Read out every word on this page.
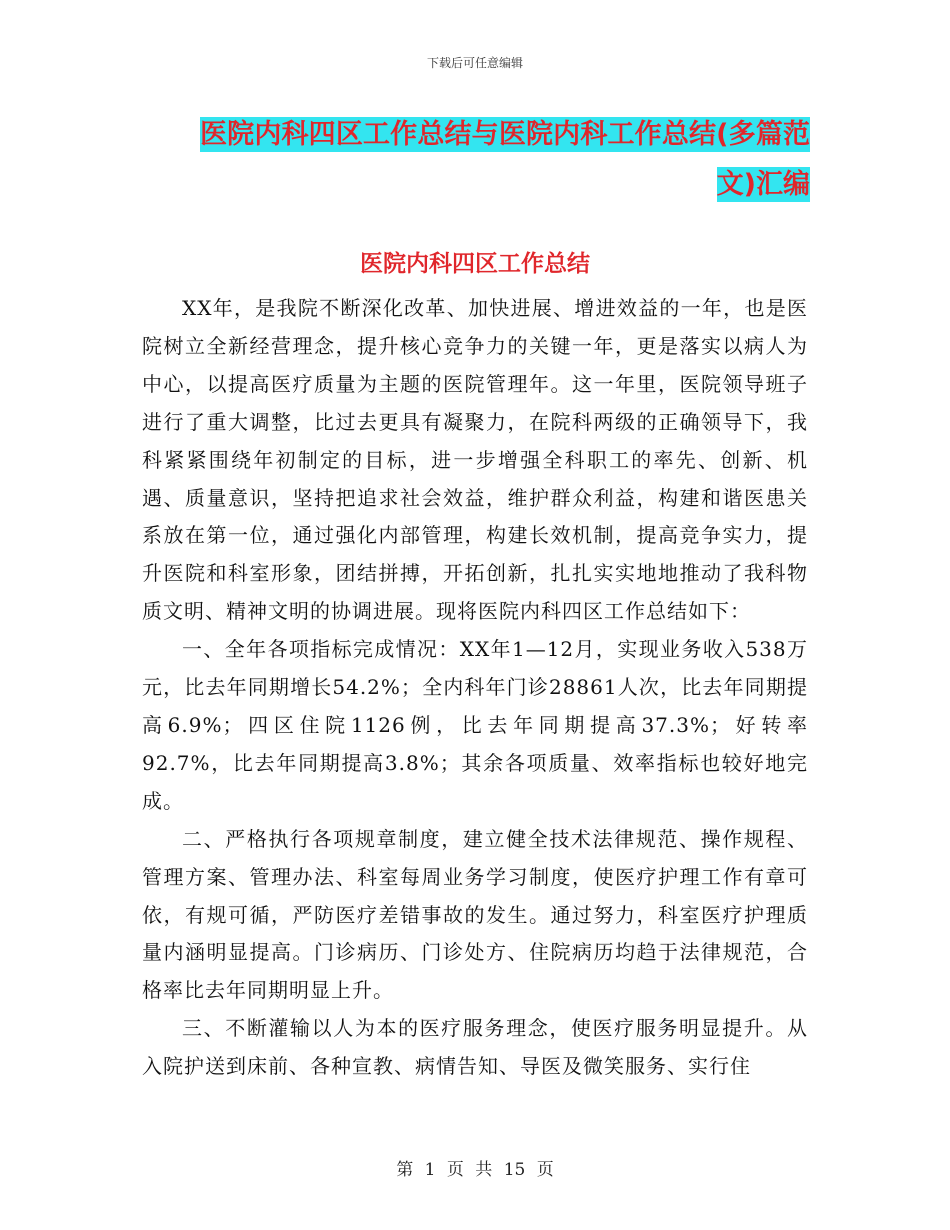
下载后可任意编辑
医院内科四区工作总结与医院内科工作总结(多篇范文)汇编
医院内科四区工作总结

XX年，是我院不断深化改革、加快进展、增进效益的一年，也是医院树立全新经营理念，提升核心竞争力的关键一年，更是落实以病人为中心，以提高医疗质量为主题的医院管理年。这一年里，医院领导班子进行了重大调整，比过去更具有凝聚力，在院科两级的正确领导下，我科紧紧围绕年初制定的目标，进一步增强全科职工的率先、创新、机遇、质量意识，坚持把追求社会效益，维护群众利益，构建和谐医患关系放在第一位，通过强化内部管理，构建长效机制，提高竞争实力，提升医院和科室形象，团结拼搏，开拓创新，扎扎实实地地推动了我科物质文明、精神文明的协调进展。现将医院内科四区工作总结如下：

一、全年各项指标完成情况：XX年1—12月，实现业务收入538万元，比去年同期增长54.2%；全内科年门诊28861人次，比去年同期提高6.9%；四区住院1126例，比去年同期提高37.3%；好转率92.7%，比去年同期提高3.8%；其余各项质量、效率指标也较好地完成。

二、严格执行各项规章制度，建立健全技术法律规范、操作规程、管理方案、管理办法、科室每周业务学习制度，使医疗护理工作有章可依，有规可循，严防医疗差错事故的发生。通过努力，科室医疗护理质量内涵明显提高。门诊病历、门诊处方、住院病历均趋于法律规范，合格率比去年同期明显上升。

三、不断灌输以人为本的医疗服务理念，使医疗服务明显提升。从入院护送到床前、各种宣教、病情告知、导医及微笑服务、实行住

第 1 页 共 15 页
